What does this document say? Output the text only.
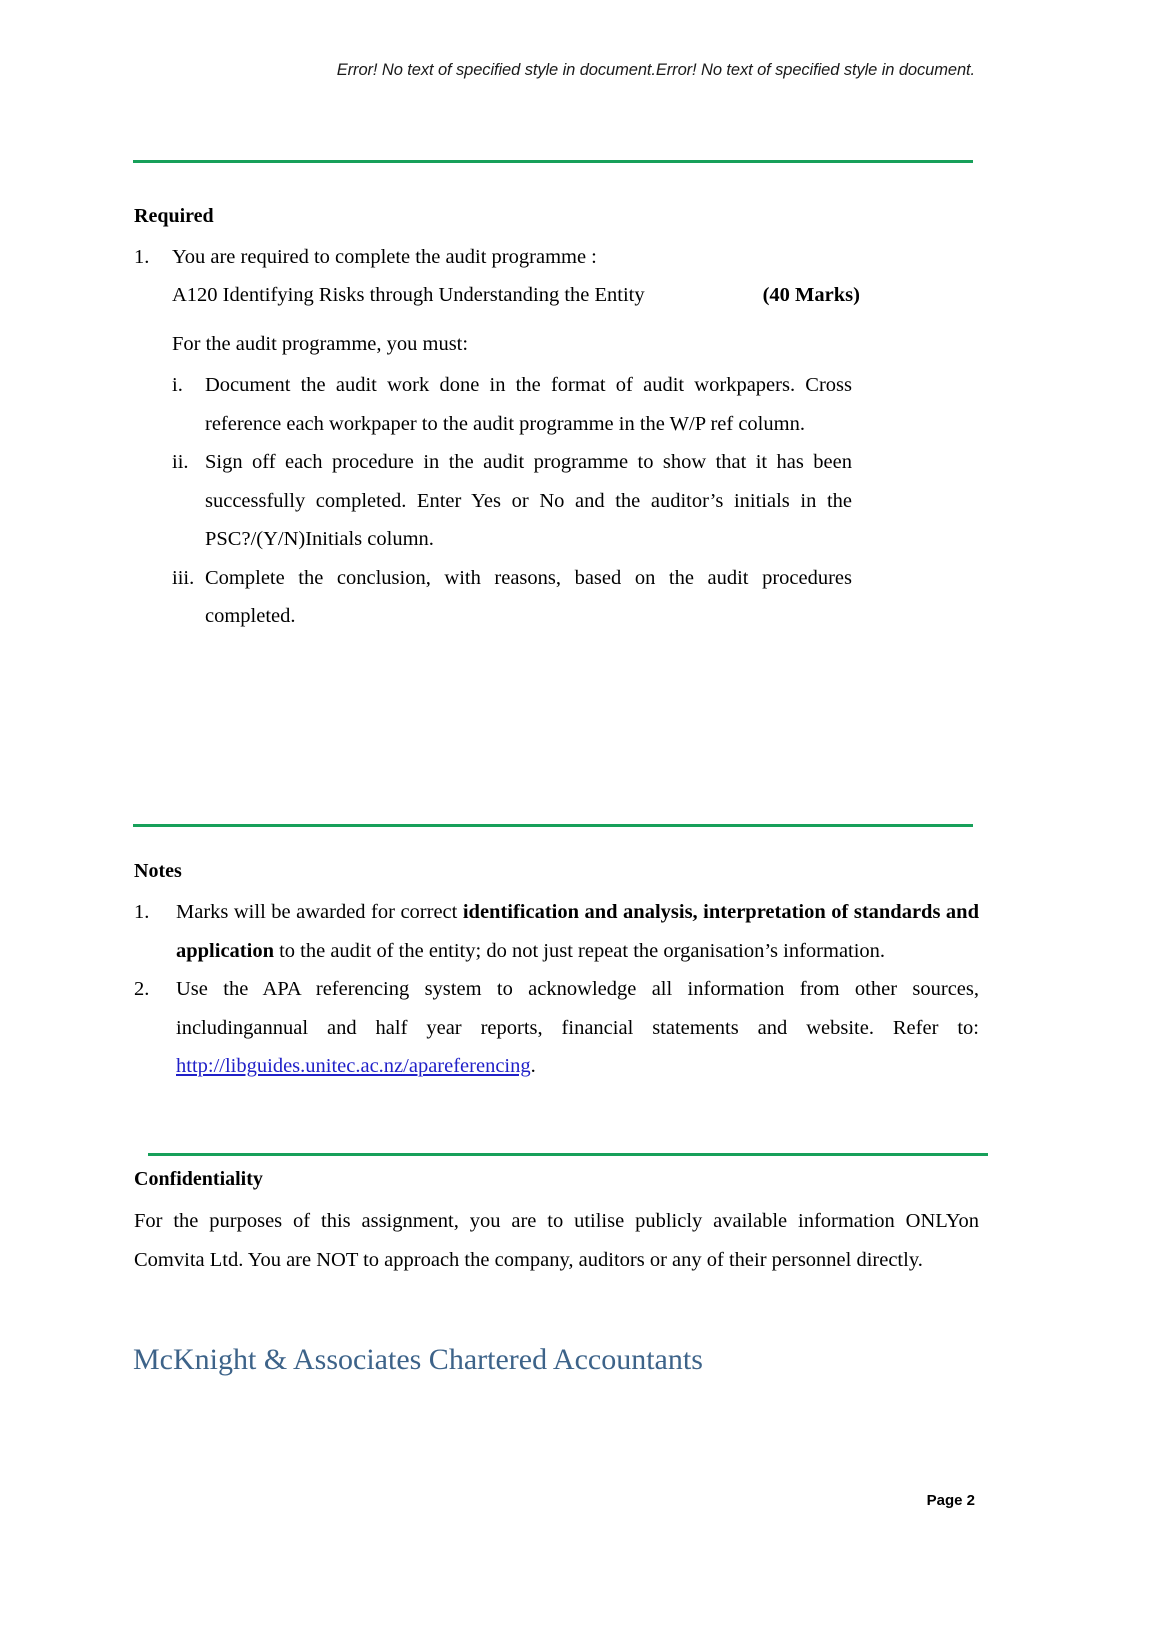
Error! No text of specified style in document.Error! No text of specified style in document.
Required
1.	You are required to complete the audit programme :
A120 Identifying Risks through Understanding the Entity	(40 Marks)
For the audit programme, you must:
i.	Document the audit work done in the format of audit workpapers. Cross reference each workpaper to the audit programme in the W/P ref column.
ii. Sign off each procedure in the audit programme to show that it has been successfully completed. Enter Yes or No and the auditor’s initials in the PSC?/(Y/N)Initials column.
iii. Complete the conclusion, with reasons, based on the audit procedures completed.
Notes
1.	Marks will be awarded for correct identification and analysis, interpretation of standards and application to the audit of the entity; do not just repeat the organisation’s information.
2.	Use the APA referencing system to acknowledge all information from other sources, includingannual and half year reports, financial statements and website. Refer to: http://libguides.unitec.ac.nz/apareferencing.
Confidentiality
For the purposes of this assignment, you are to utilise publicly available information ONLYon Comvita Ltd. You are NOT to approach the company, auditors or any of their personnel directly.
McKnight & Associates Chartered Accountants
Page 2
